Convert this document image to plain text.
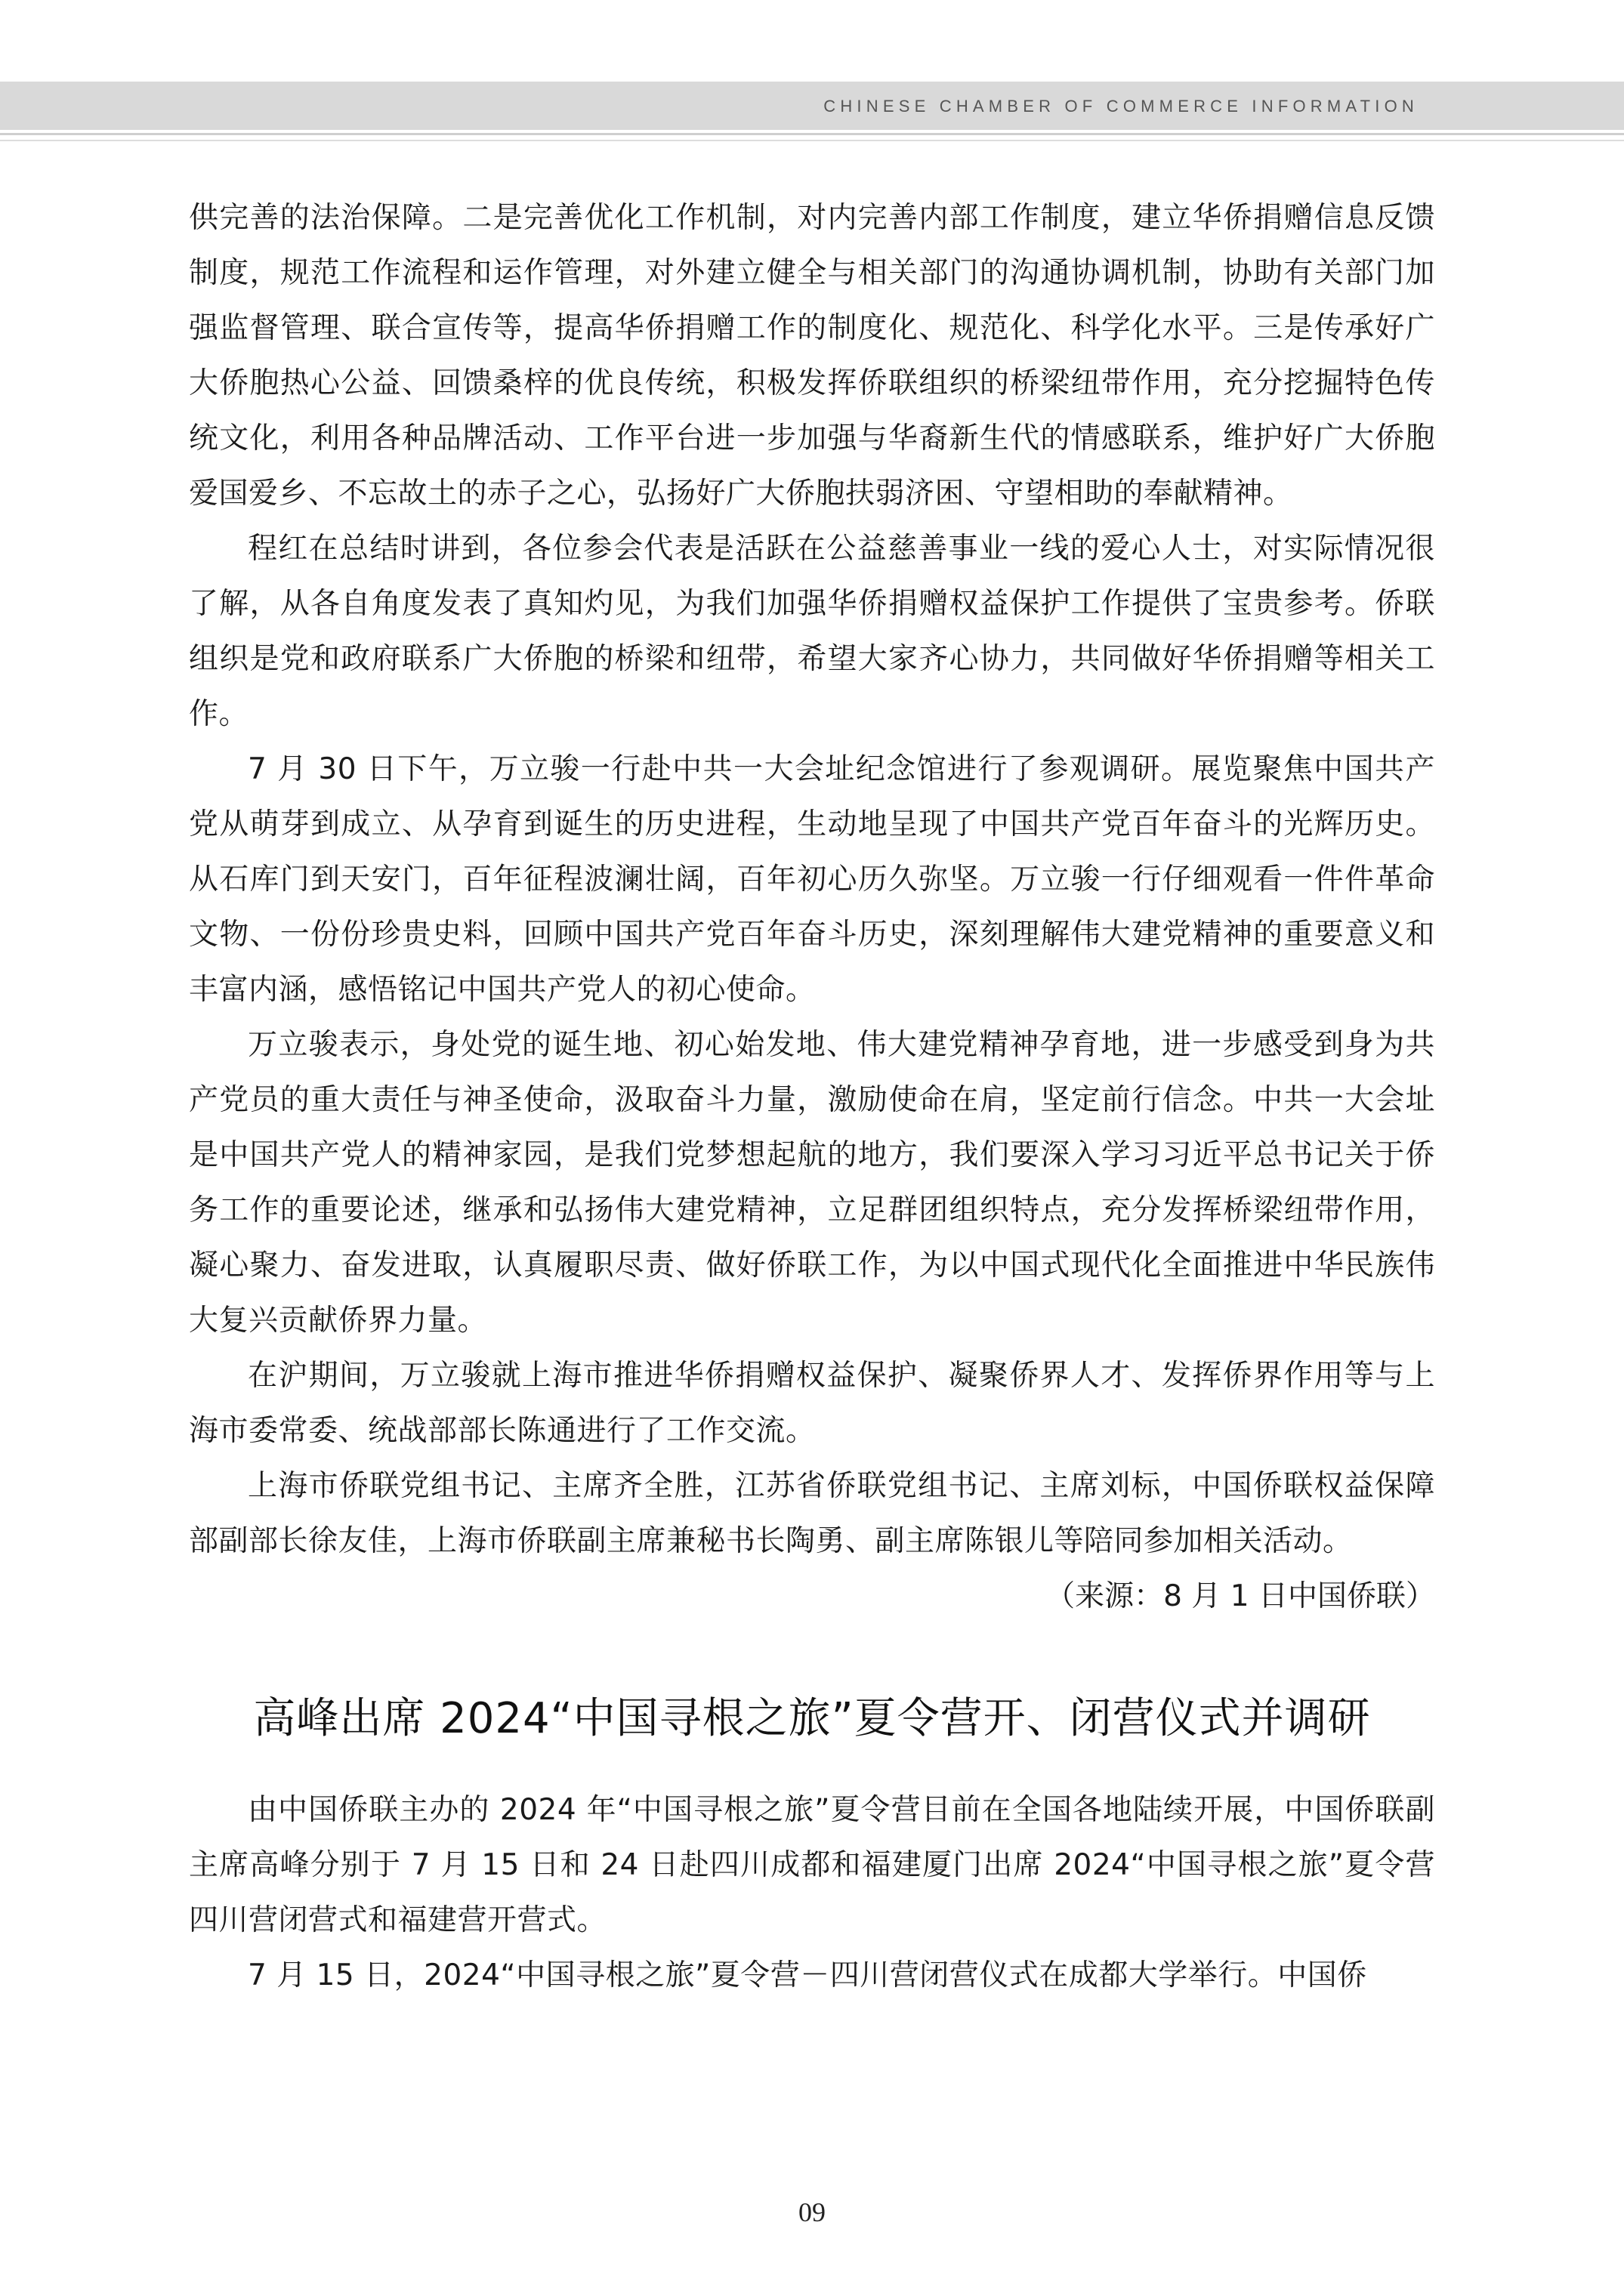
CHINESE CHAMBER OF COMMERCE INFORMATION

供完善的法治保障。二是完善优化工作机制，对内完善内部工作制度，建立华侨捐赠信息反馈制度，规范工作流程和运作管理，对外建立健全与相关部门的沟通协调机制，协助有关部门加强监督管理、联合宣传等，提高华侨捐赠工作的制度化、规范化、科学化水平。三是传承好广大侨胞热心公益、回馈桑梓的优良传统，积极发挥侨联组织的桥梁纽带作用，充分挖掘特色传统文化，利用各种品牌活动、工作平台进一步加强与华裔新生代的情感联系，维护好广大侨胞爱国爱乡、不忘故土的赤子之心，弘扬好广大侨胞扶弱济困、守望相助的奉献精神。

程红在总结时讲到，各位参会代表是活跃在公益慈善事业一线的爱心人士，对实际情况很了解，从各自角度发表了真知灼见，为我们加强华侨捐赠权益保护工作提供了宝贵参考。侨联组织是党和政府联系广大侨胞的桥梁和纽带，希望大家齐心协力，共同做好华侨捐赠等相关工作。

7 月 30 日下午，万立骏一行赴中共一大会址纪念馆进行了参观调研。展览聚焦中国共产党从萌芽到成立、从孕育到诞生的历史进程，生动地呈现了中国共产党百年奋斗的光辉历史。从石库门到天安门，百年征程波澜壮阔，百年初心历久弥坚。万立骏一行仔细观看一件件革命文物、一份份珍贵史料，回顾中国共产党百年奋斗历史，深刻理解伟大建党精神的重要意义和丰富内涵，感悟铭记中国共产党人的初心使命。

万立骏表示，身处党的诞生地、初心始发地、伟大建党精神孕育地，进一步感受到身为共产党员的重大责任与神圣使命，汲取奋斗力量，激励使命在肩，坚定前行信念。中共一大会址是中国共产党人的精神家园，是我们党梦想起航的地方，我们要深入学习习近平总书记关于侨务工作的重要论述，继承和弘扬伟大建党精神，立足群团组织特点，充分发挥桥梁纽带作用，凝心聚力、奋发进取，认真履职尽责、做好侨联工作，为以中国式现代化全面推进中华民族伟大复兴贡献侨界力量。

在沪期间，万立骏就上海市推进华侨捐赠权益保护、凝聚侨界人才、发挥侨界作用等与上海市委常委、统战部部长陈通进行了工作交流。

上海市侨联党组书记、主席齐全胜，江苏省侨联党组书记、主席刘标，中国侨联权益保障部副部长徐友佳，上海市侨联副主席兼秘书长陶勇、副主席陈银儿等陪同参加相关活动。

（来源：8 月 1 日中国侨联）

高峰出席 2024“中国寻根之旅”夏令营开、闭营仪式并调研

由中国侨联主办的 2024 年“中国寻根之旅”夏令营目前在全国各地陆续开展，中国侨联副主席高峰分别于 7 月 15 日和 24 日赴四川成都和福建厦门出席 2024“中国寻根之旅”夏令营四川营闭营式和福建营开营式。

7 月 15 日，2024“中国寻根之旅”夏令营－四川营闭营仪式在成都大学举行。中国侨

09
